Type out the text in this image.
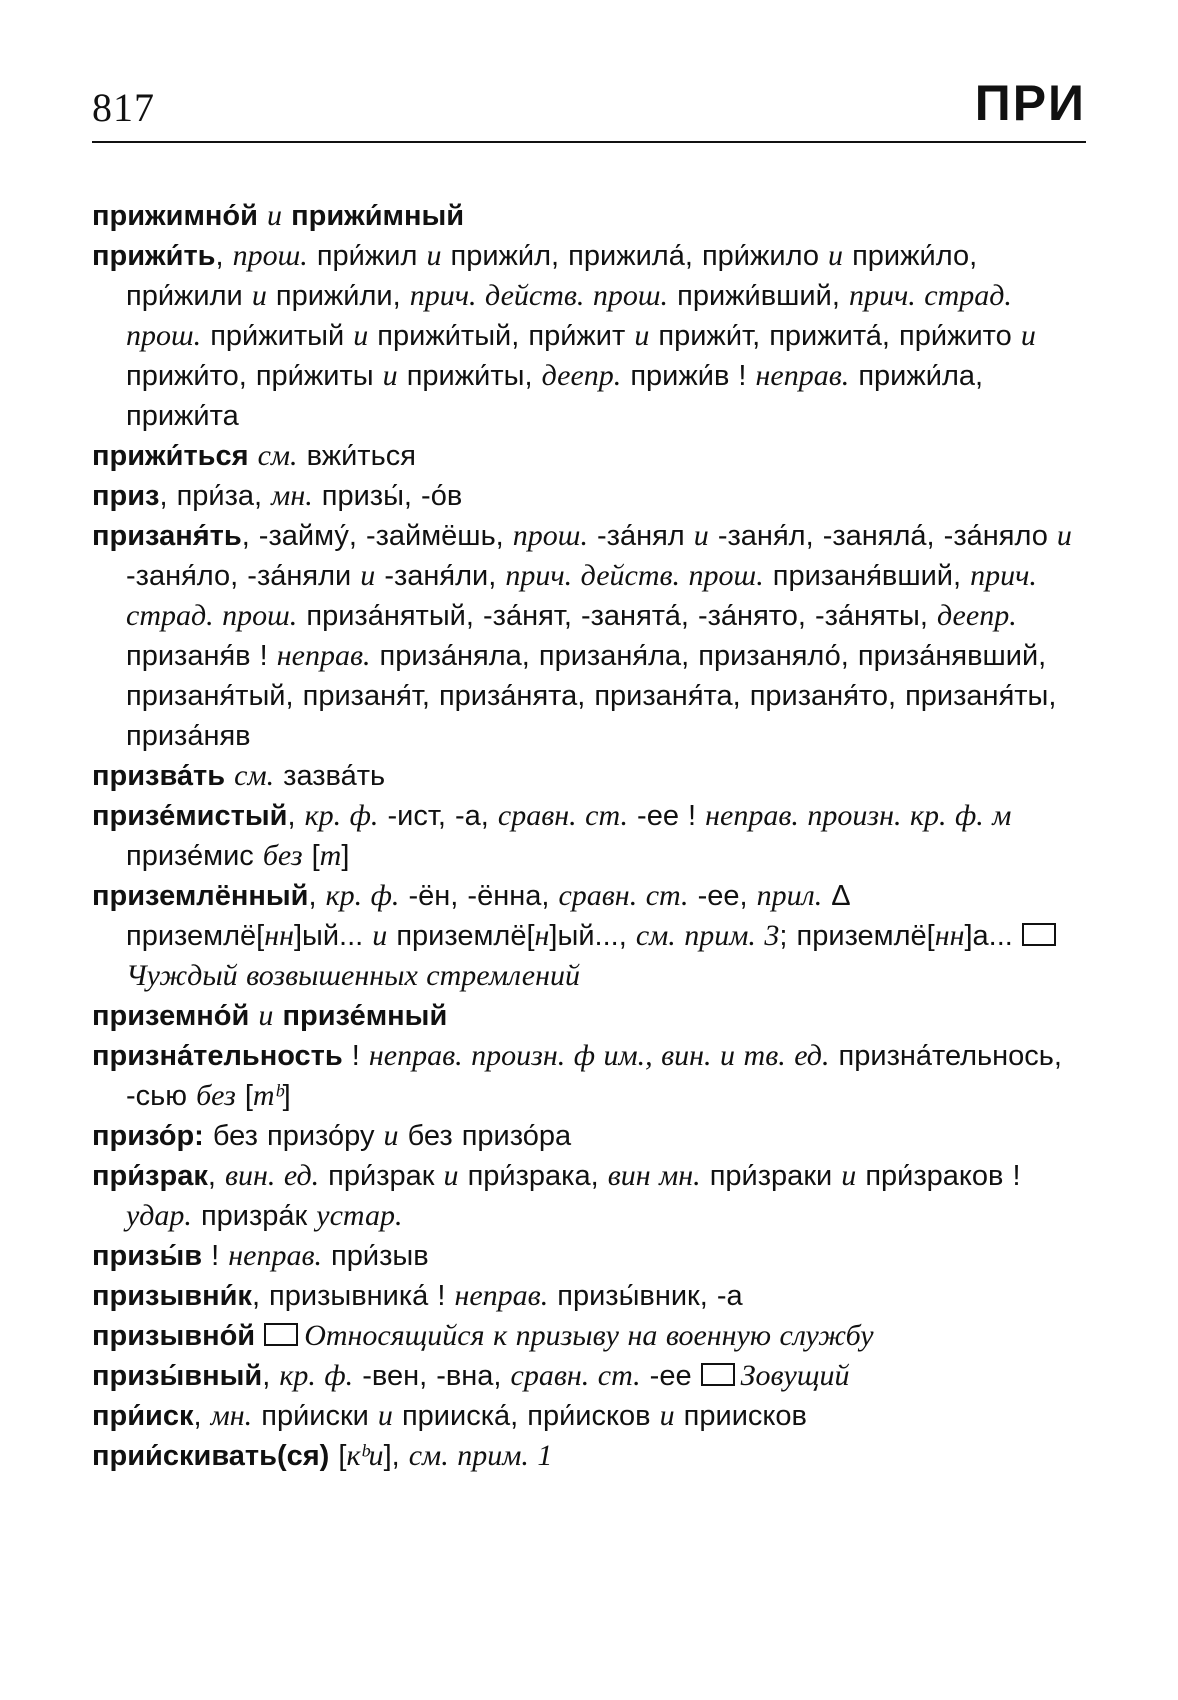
817	ПРИ

прижимно́й и прижи́мный

прижи́ть, прош. при́жил и прижи́л, прижила́, при́жило и прижи́ло, при́жили и прижи́ли, прич. действ. прош. прижи́вший, прич. страд. прош. при́житый и прижи́тый, при́жит и прижи́т, прижита́, при́жито и прижи́то, при́житы и прижи́ты, деепр. прижи́в ! неправ. прижи́ла, прижи́та

прижи́ться см. вжи́ться

приз, при́за, мн. призы́, -о́в

призаня́ть, -займу́, -займёшь, прош. -за́нял и -заня́л, -заняла́, -за́няло и -заня́ло, -за́няли и -заня́ли, прич. действ. прош. призаня́вший, прич. страд. прош. приза́нятый, -за́нят, -занята́, -за́нято, -за́няты, деепр. призаня́в ! неправ. приза́няла, призаня́ла, призаняло́, приза́нявший, призаня́тый, призаня́т, приза́нята, призаня́та, призаня́то, призаня́ты, приза́няв

призва́ть см. зазва́ть

призе́мистый, кр. ф. -ист, -а, сравн. ст. -ее ! неправ. произн. кр. ф. м призе́мис без [т]

приземлённый, кр. ф. -ён, -ённа, сравн. ст. -ее, прил. Δ приземлё[нн]ый... и приземлё[н]ый..., см. прим. 3; приземлё[нн]а... Чуждый возвышенных стремлений

приземно́й и призе́мный

призна́тельность ! неправ. произн. ф им., вин. и тв. ед. призна́тельнось, -сью без [тᵇ]

призо́р: без призо́ру и без призо́ра

при́зрак, вин. ед. при́зрак и при́зрака, вин мн. при́зраки и при́зраков ! удар. призра́к устар.

призы́в ! неправ. при́зыв

призывни́к, призывника́ ! неправ. призы́вник, -а

призывно́й Относящийся к призыву на военную службу

призы́вный, кр. ф. -вен, -вна, сравн. ст. -ее Зовущий

при́иск, мн. при́иски и прииска́, при́исков и приисков

прии́скивать(ся) [кᵇи], см. прим. 1
